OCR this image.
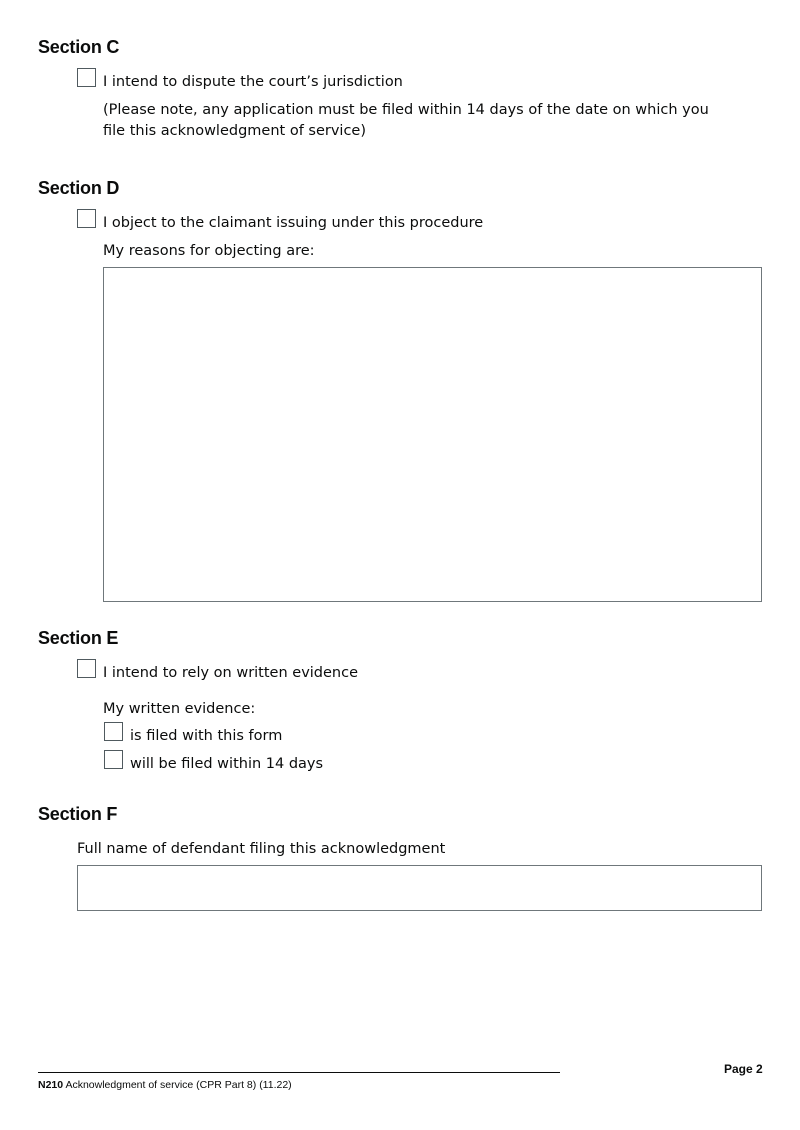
Section C
I intend to dispute the court’s jurisdiction
(Please note, any application must be filed within 14 days of the date on which you file this acknowledgment of service)
Section D
I object to the claimant issuing under this procedure
My reasons for objecting are:
Section E
I intend to rely on written evidence
My written evidence:
is filed with this form
will be filed within 14 days
Section F
Full name of defendant filing this acknowledgment
Page 2
N210 Acknowledgment of service (CPR Part 8) (11.22)
